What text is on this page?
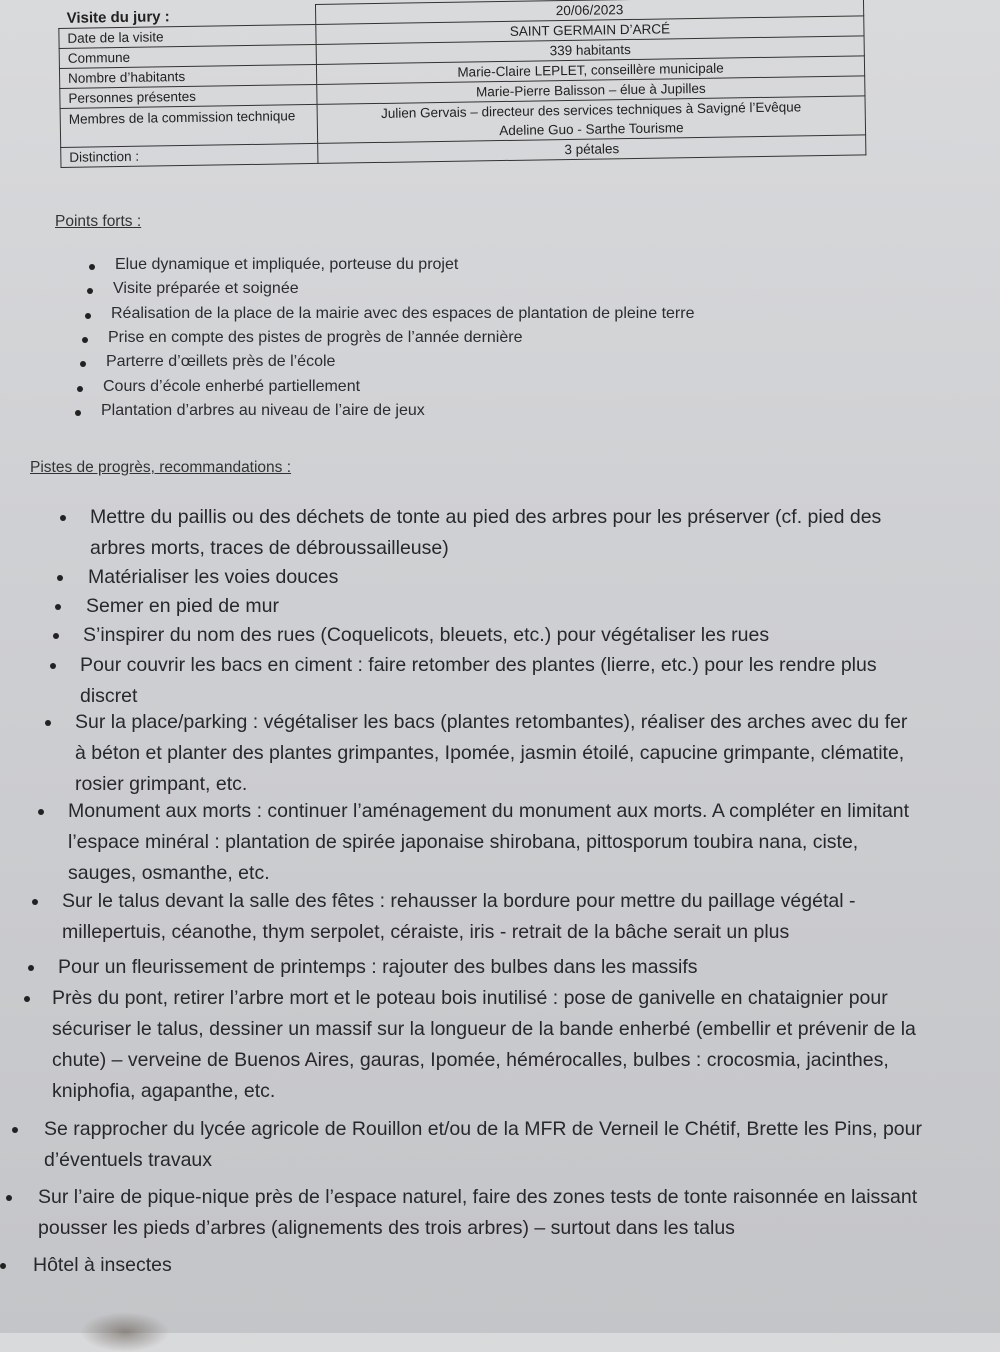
Visite du jury :	20/06/2023
Date de la visite	SAINT GERMAIN D’ARCÉ
Commune	339 habitants
Nombre d’habitants	Marie-Claire LEPLET, conseillère municipale
Personnes présentes	Marie-Pierre Balisson – élue à Jupilles
Membres de la commission technique	Julien Gervais – directeur des services techniques à Savigné l’Evêque
	Adeline Guo - Sarthe Tourisme
Distinction :	3 pétales
Points forts :
Elue dynamique et impliquée, porteuse du projet
Visite préparée et soignée
Réalisation de la place de la mairie avec des espaces de plantation de pleine terre
Prise en compte des pistes de progrès de l’année dernière
Parterre d’œillets près de l’école
Cours d’école enherbé partiellement
Plantation d’arbres au niveau de l’aire de jeux
Pistes de progrès, recommandations :
Mettre du paillis ou des déchets de tonte au pied des arbres pour les préserver (cf. pied des arbres morts, traces de débroussailleuse)
Matérialiser les voies douces
Semer en pied de mur
S’inspirer du nom des rues (Coquelicots, bleuets, etc.) pour végétaliser les rues
Pour couvrir les bacs en ciment : faire retomber des plantes (lierre, etc.) pour les rendre plus discret
Sur la place/parking : végétaliser les bacs (plantes retombantes), réaliser des arches avec du fer à béton et planter des plantes grimpantes, Ipomée, jasmin étoilé, capucine grimpante, clématite, rosier grimpant, etc.
Monument aux morts : continuer l’aménagement du monument aux morts. A compléter en limitant l’espace minéral : plantation de spirée japonaise shirobana, pittosporum toubira nana, ciste, sauges, osmanthe, etc.
Sur le talus devant la salle des fêtes : rehausser la bordure pour mettre du paillage végétal - millepertuis, céanothe, thym serpolet, céraiste, iris - retrait de la bâche serait un plus
Pour un fleurissement de printemps : rajouter des bulbes dans les massifs
Près du pont, retirer l’arbre mort et le poteau bois inutilisé : pose de ganivelle en chataignier pour sécuriser le talus, dessiner un massif sur la longueur de la bande enherbé (embellir et prévenir de la chute) – verveine de Buenos Aires, gauras, Ipomée, hémérocalles, bulbes : crocosmia, jacinthes, kniphofia, agapanthe, etc.
Se rapprocher du lycée agricole de Rouillon et/ou de la MFR de Verneil le Chétif, Brette les Pins, pour d’éventuels travaux
Sur l’aire de pique-nique près de l’espace naturel, faire des zones tests de tonte raisonnée en laissant pousser les pieds d’arbres (alignements des trois arbres) – surtout dans les talus
Hôtel à insectes
